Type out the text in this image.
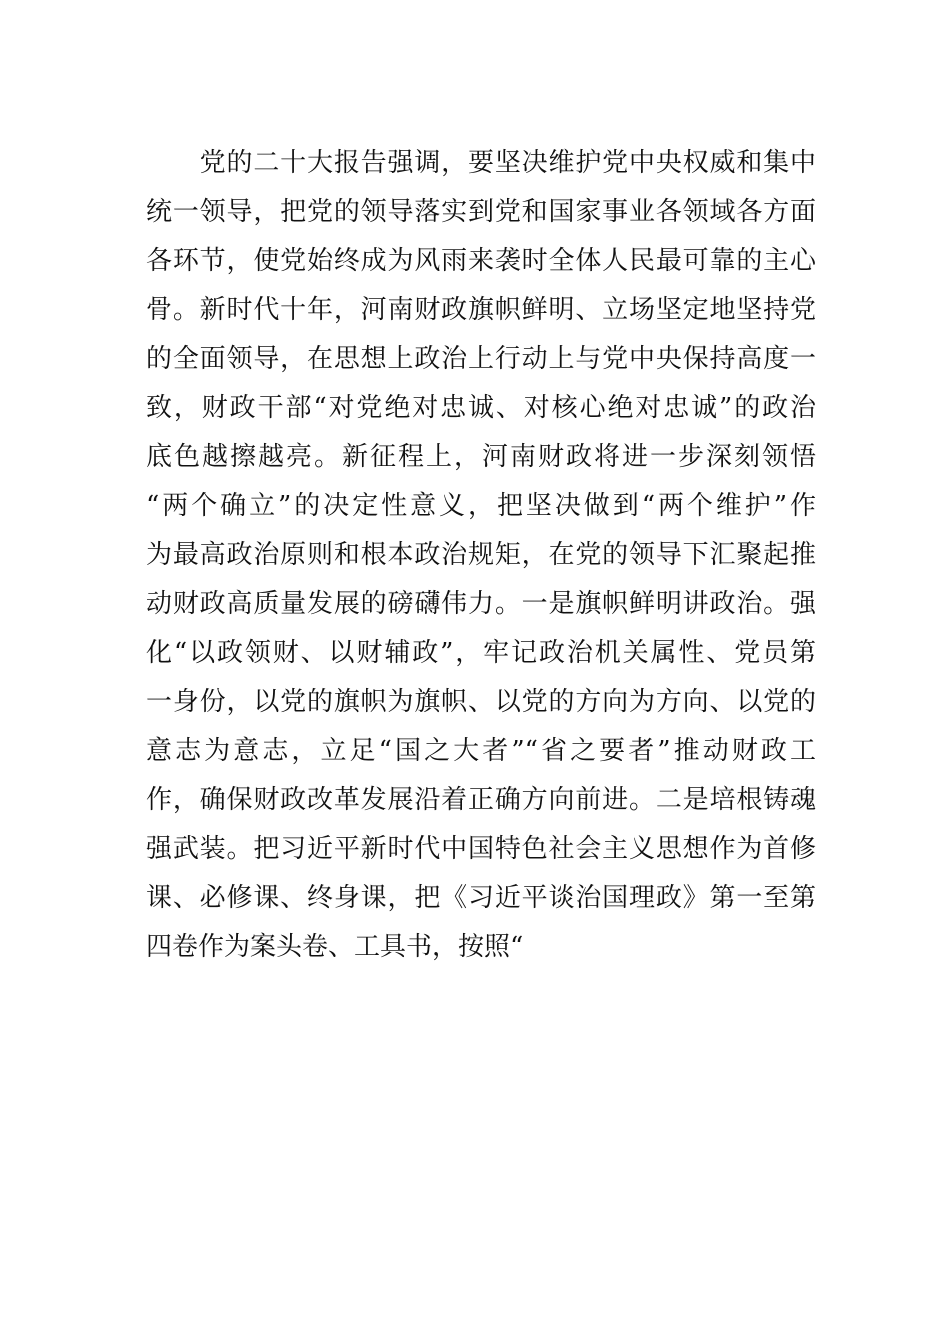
　　党的二十大报告强调，要坚决维护党中央权威和集中
统一领导，把党的领导落实到党和国家事业各领域各方面
各环节，使党始终成为风雨来袭时全体人民最可靠的主心
骨。新时代十年，河南财政旗帜鲜明、立场坚定地坚持党
的全面领导，在思想上政治上行动上与党中央保持高度一
致，财政干部“对党绝对忠诚、对核心绝对忠诚”的政治
底色越擦越亮。新征程上，河南财政将进一步深刻领悟
“两个确立”的决定性意义，把坚决做到“两个维护”作
为最高政治原则和根本政治规矩，在党的领导下汇聚起推
动财政高质量发展的磅礴伟力。一是旗帜鲜明讲政治。强
化“以政领财、以财辅政”，牢记政治机关属性、党员第
一身份，以党的旗帜为旗帜、以党的方向为方向、以党的
意志为意志，立足“国之大者”“省之要者”推动财政工
作，确保财政改革发展沿着正确方向前进。二是培根铸魂
强武装。把习近平新时代中国特色社会主义思想作为首修
课、必修课、终身课，把《习近平谈治国理政》第一至第
四卷作为案头卷、工具书，按照“
